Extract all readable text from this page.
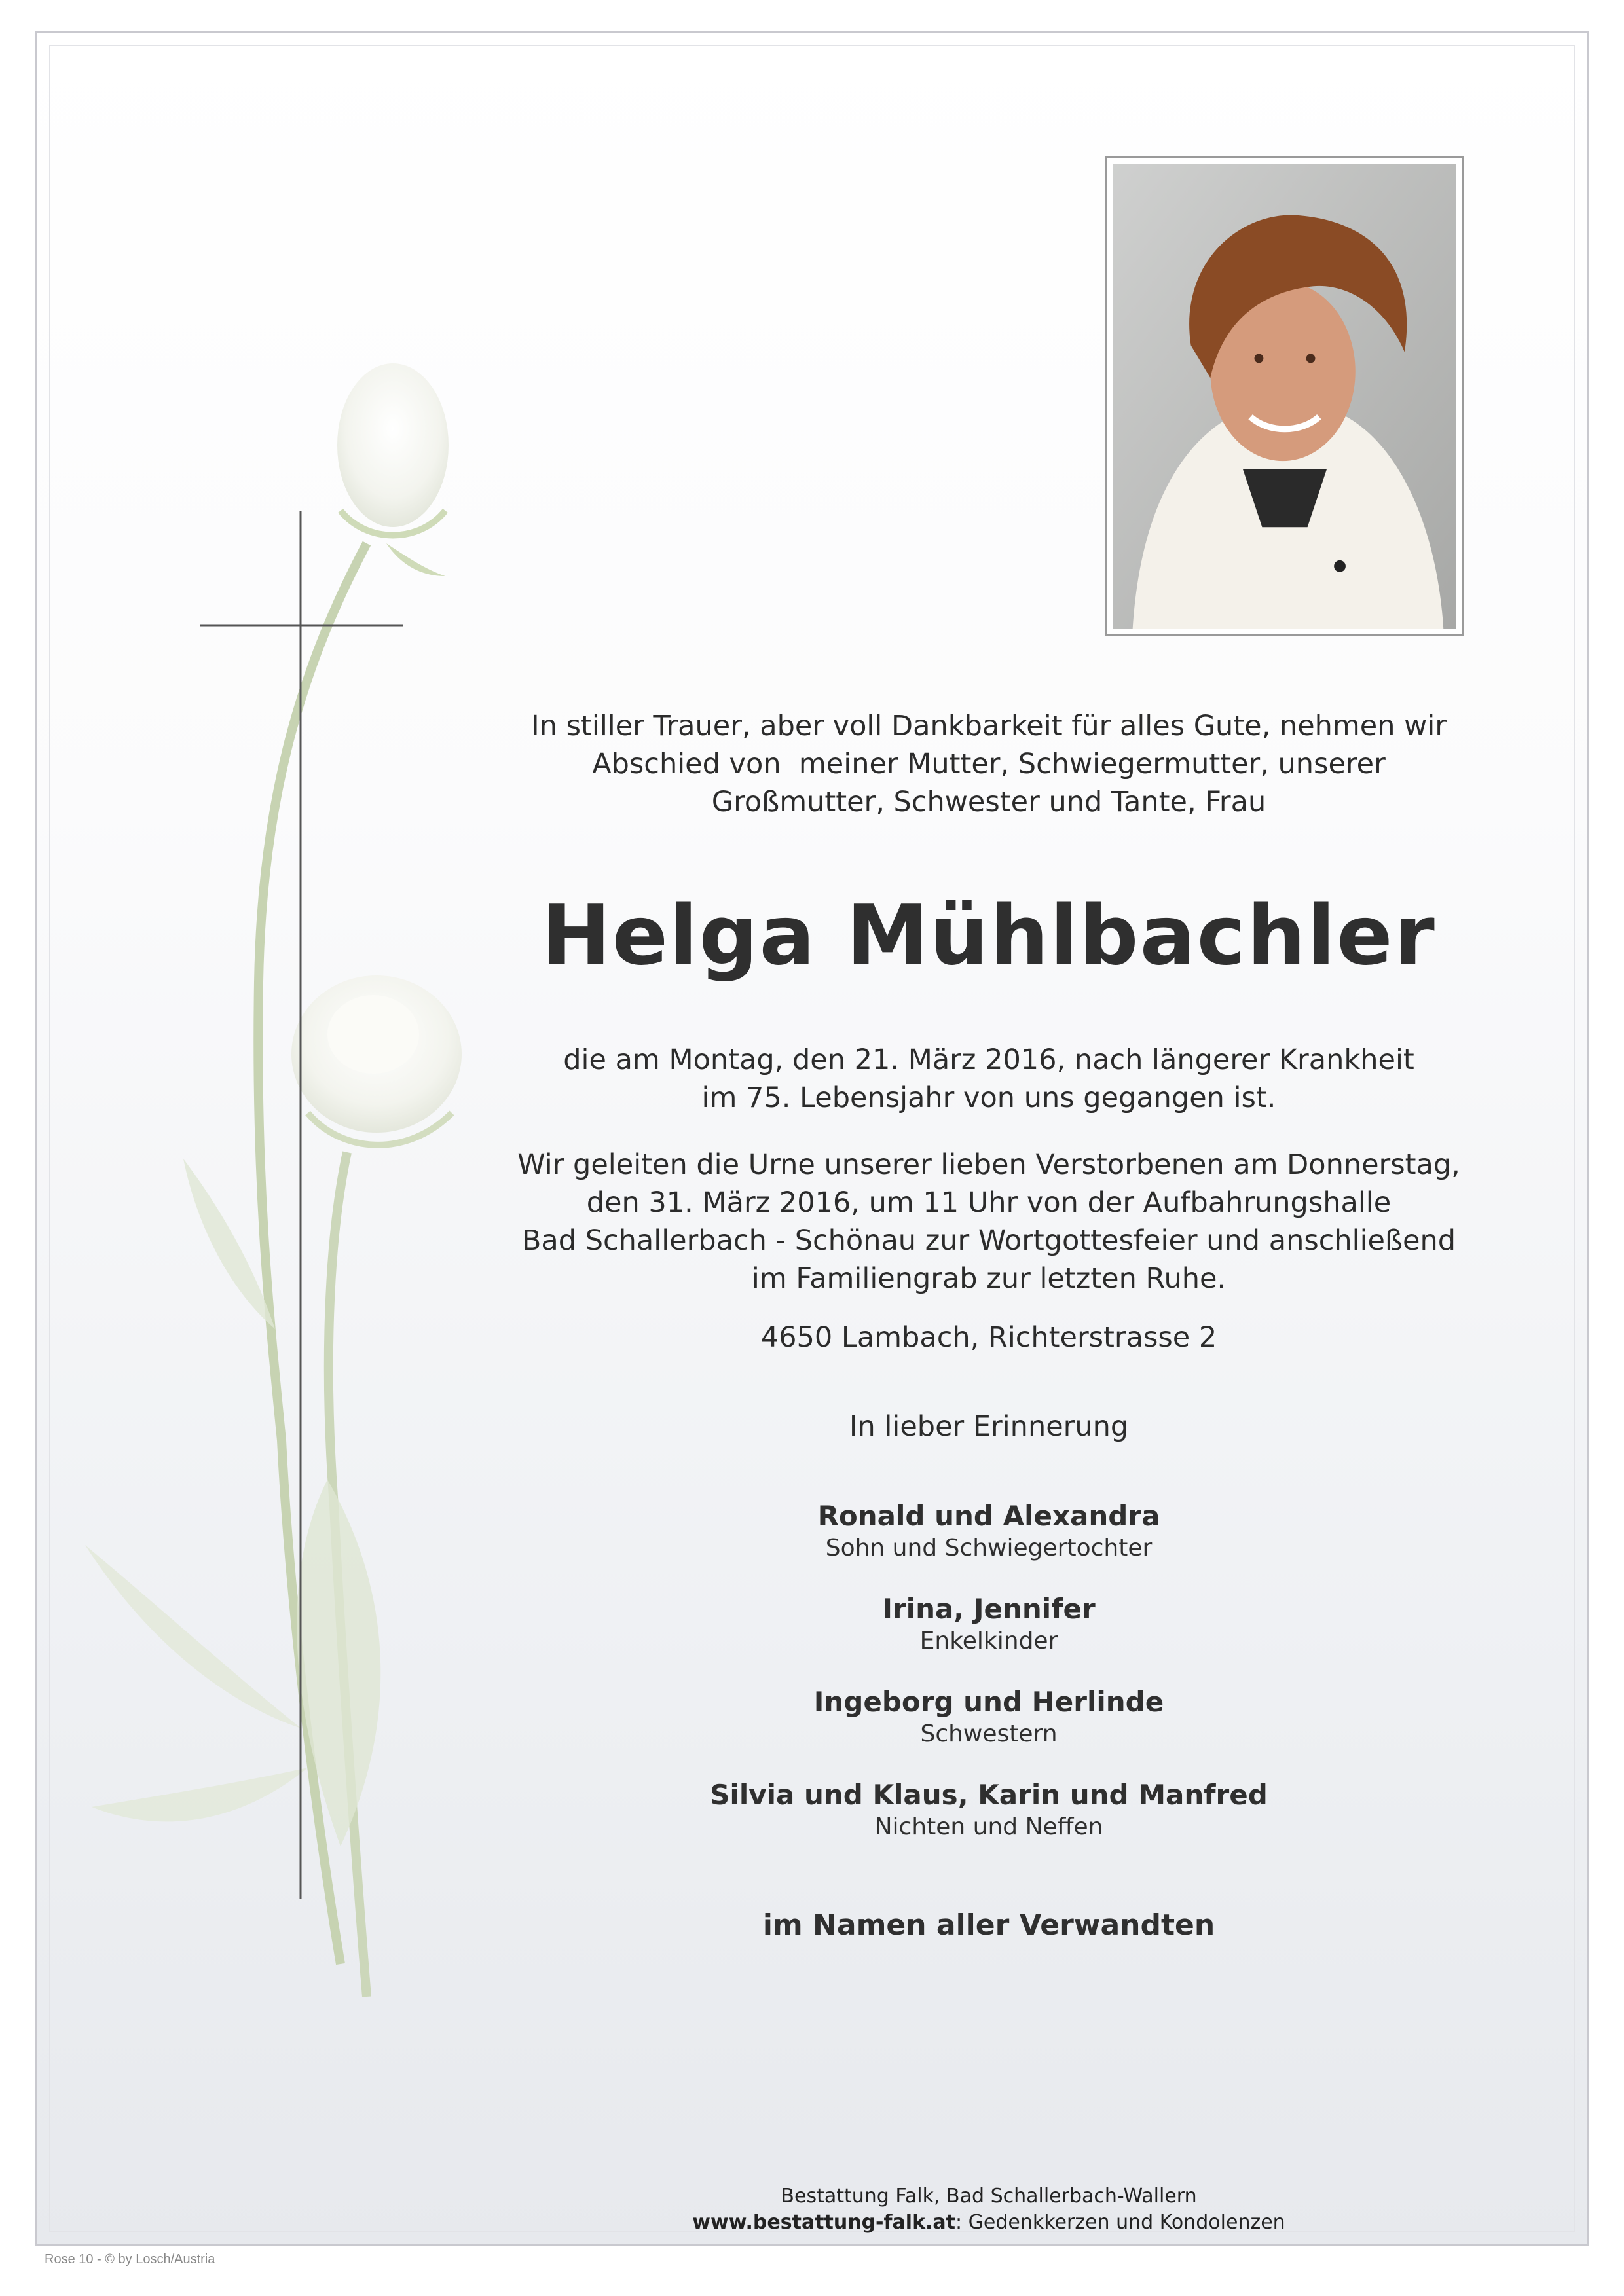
In stiller Trauer, aber voll Dankbarkeit für alles Gute, nehmen wir

Abschied von  meiner Mutter, Schwiegermutter, unserer

Großmutter, Schwester und Tante, Frau

Helga Mühlbachler

die am Montag, den 21. März 2016, nach längerer Krankheit

im 75. Lebensjahr von uns gegangen ist.

Wir geleiten die Urne unserer lieben Verstorbenen am Donnerstag,

den 31. März 2016, um 11 Uhr von der Aufbahrungshalle

Bad Schallerbach - Schönau zur Wortgottesfeier und anschließend

im Familiengrab zur letzten Ruhe.

4650 Lambach, Richterstrasse 2

In lieber Erinnerung

Ronald und Alexandra
Sohn und Schwiegertochter
Irina, Jennifer
Enkelkinder
Ingeborg und Herlinde
Schwestern
Silvia und Klaus, Karin und Manfred
Nichten und Neffen
im Namen aller Verwandten
Bestattung Falk, Bad Schallerbach-Wallern
www.bestattung-falk.at: Gedenkkerzen und Kondolenzen
Rose 10 - © by Losch/Austria
